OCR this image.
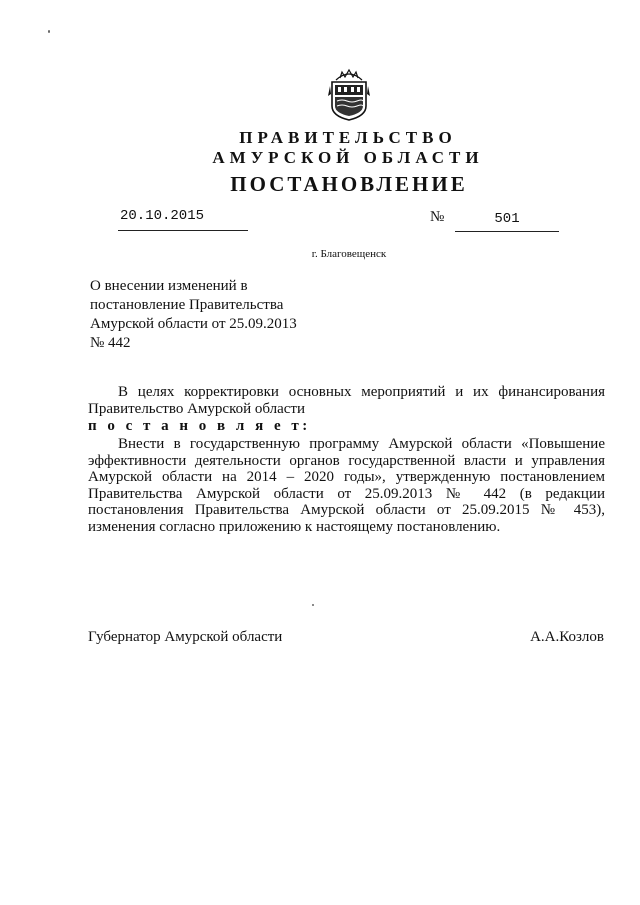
ПРАВИТЕЛЬСТВО
АМУРСКОЙ ОБЛАСТИ
ПОСТАНОВЛЕНИЕ
20.10.2015	№	501
г. Благовещенск
О внесении изменений в
постановление Правительства
Амурской области от 25.09.2013
№ 442
В целях корректировки основных мероприятий и их финансирования
Правительство Амурской области
п о с т а н о в л я е т:
Внести в государственную программу Амурской области «Повышение
эффективности деятельности органов государственной власти и управления
Амурской области на 2014 – 2020 годы», утвержденную постановлением
Правительства Амурской области от 25.09.2013 № 442 (в редакции
постановления Правительства Амурской области от 25.09.2015 № 453),
изменения согласно приложению к настоящему постановлению.
Губернатор Амурской области	А.А.Козлов
